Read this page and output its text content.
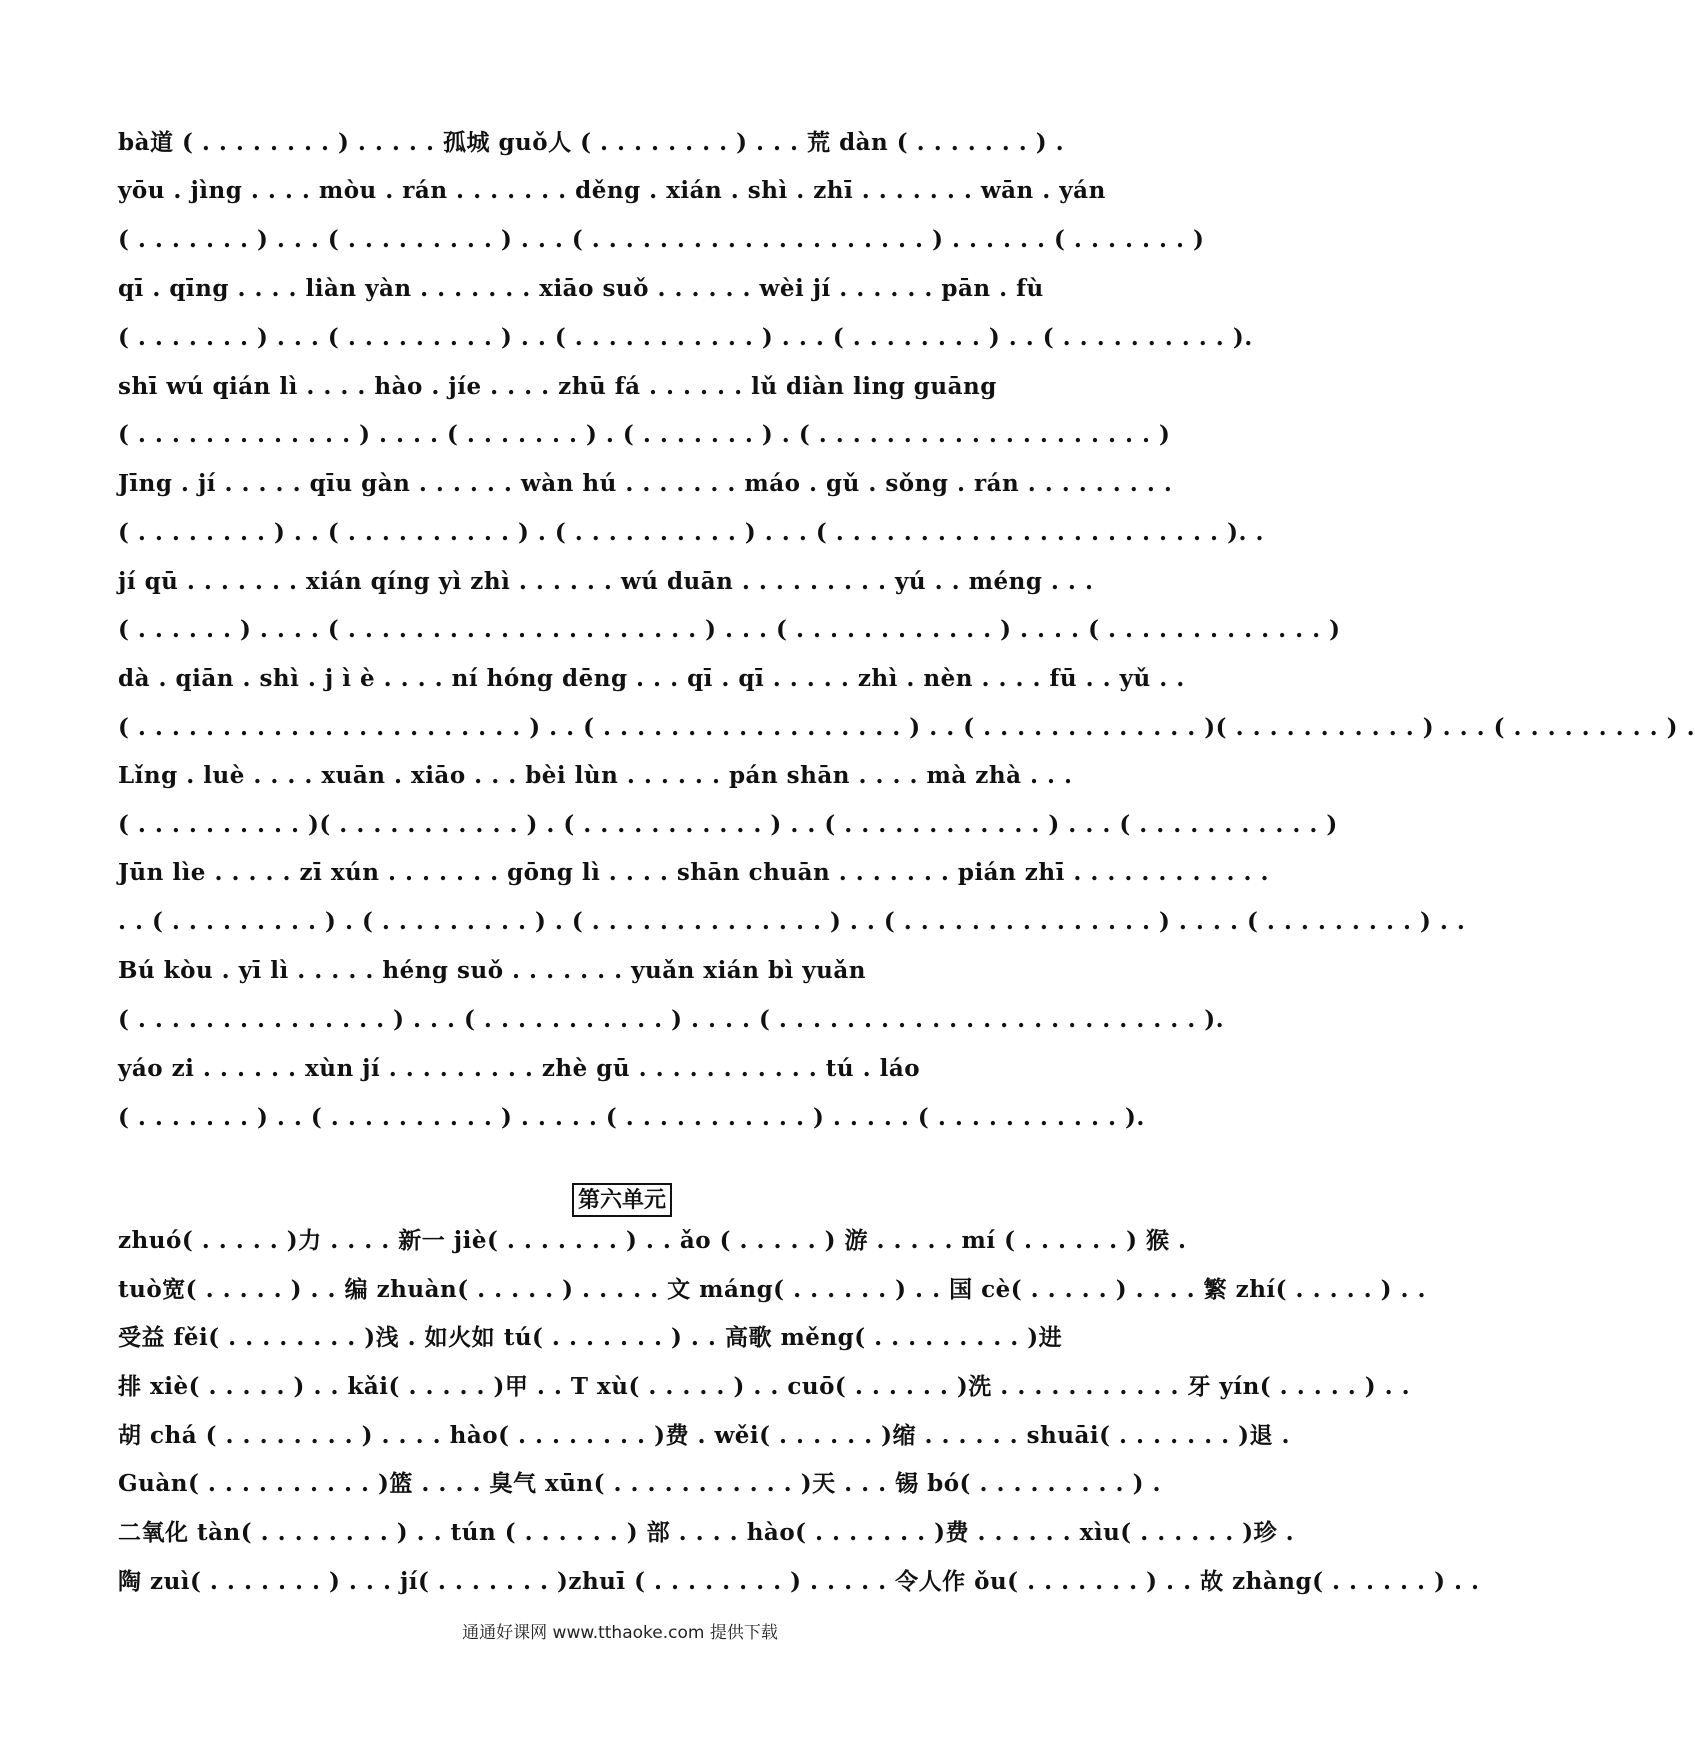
bà道 ( . . . . . . . . ) . . . . . 孤城 guǒ人 ( . . . . . . . . ) . . . 荒 dàn ( . . . . . . . ) .
yōu . jìng . . . . mòu . rán . . . . . . . děng . xián . shì . zhī . . . . . . . wān . yán
( . . . . . . . ) . . . ( . . . . . . . . . ) . . . ( . . . . . . . . . . . . . . . . . . . . ) . . . . . . ( . . . . . . . )
qī . qīng . . . . liàn yàn . . . . . . . xiāo suǒ . . . . . . wèi jí . . . . . . pān . fù
( . . . . . . . ) . . . ( . . . . . . . . . ) . . ( . . . . . . . . . . . ) . . . ( . . . . . . . . ) . . ( . . . . . . . . . . ).
shī wú qián lì . . . . hào . jíe . . . . zhū fá . . . . . . lǔ diàn ling guāng
( . . . . . . . . . . . . . ) . . . . ( . . . . . . . ) . ( . . . . . . . ) . ( . . . . . . . . . . . . . . . . . . . . )
Jīng . jí . . . . . qīu gàn . . . . . . wàn hú . . . . . . . máo . gǔ . sǒng . rán . . . . . . . . .
( . . . . . . . . ) . . ( . . . . . . . . . . ) . ( . . . . . . . . . . ) . . . ( . . . . . . . . . . . . . . . . . . . . . . . ). .
jí qū . . . . . . . xián qíng yì zhì . . . . . . wú duān . . . . . . . . . yú . . méng . . .
( . . . . . . ) . . . . ( . . . . . . . . . . . . . . . . . . . . . ) . . . ( . . . . . . . . . . . . ) . . . . ( . . . . . . . . . . . . . )
dà . qiān . shì . j ì è . . . . ní hóng dēng . . . qī . qī . . . . . zhì . nèn . . . . fū . . yǔ . .
( . . . . . . . . . . . . . . . . . . . . . . . ) . . ( . . . . . . . . . . . . . . . . . . ) . . ( . . . . . . . . . . . . . )( . . . . . . . . . . . ) . . . ( . . . . . . . . . ) .
Lǐng . luè . . . . xuān . xiāo . . . bèi lùn . . . . . . pán shān . . . . mà zhà . . .
( . . . . . . . . . . )( . . . . . . . . . . . ) . ( . . . . . . . . . . . ) . . ( . . . . . . . . . . . . ) . . . ( . . . . . . . . . . . )
Jūn lìe . . . . . zī xún . . . . . . . gōng lì . . . . shān chuān . . . . . . . pián zhī . . . . . . . . . . . .
. . ( . . . . . . . . . ) . ( . . . . . . . . . ) . ( . . . . . . . . . . . . . . ) . . ( . . . . . . . . . . . . . . . ) . . . . ( . . . . . . . . . ) . .
Bú kòu . yī lì . . . . . héng suǒ . . . . . . . yuǎn xián bì yuǎn
( . . . . . . . . . . . . . . . ) . . . ( . . . . . . . . . . . ) . . . . ( . . . . . . . . . . . . . . . . . . . . . . . . . ).
yáo zi . . . . . . xùn jí . . . . . . . . . zhè gū . . . . . . . . . . . tú . láo
( . . . . . . . ) . . ( . . . . . . . . . . ) . . . . . ( . . . . . . . . . . . ) . . . . . ( . . . . . . . . . . . ).
第六单元
zhuó( . . . . . )力 . . . . 新一 jiè( . . . . . . . ) . . ǎo ( . . . . . ) 游 . . . . . mí ( . . . . . . ) 猴 .
tuò宽( . . . . . ) . . 编 zhuàn( . . . . . ) . . . . . 文 máng( . . . . . . ) . . 国 cè( . . . . . ) . . . . 繁 zhí( . . . . . ) . .
受益 fěi( . . . . . . . . )浅 . 如火如 tú( . . . . . . . ) . . 高歌 měng( . . . . . . . . . )进
排 xiè( . . . . . ) . . kǎi( . . . . . )甲 . . T xù( . . . . . ) . . cuō( . . . . . . )洗 . . . . . . . . . . . 牙 yín( . . . . . ) . .
胡 chá ( . . . . . . . . ) . . . . hào( . . . . . . . . )费 . wěi( . . . . . . )缩 . . . . . . shuāi( . . . . . . . )退 .
Guàn( . . . . . . . . . . )篮 . . . . 臭气 xūn( . . . . . . . . . . . )天 . . . 锡 bó( . . . . . . . . . ) .
二氧化 tàn( . . . . . . . . ) . . tún ( . . . . . . ) 部 . . . . hào( . . . . . . . )费 . . . . . . xìu( . . . . . . )珍 .
陶 zuì( . . . . . . . ) . . . jí( . . . . . . . )zhuī ( . . . . . . . . ) . . . . . 令人作 ǒu( . . . . . . . ) . . 故 zhàng( . . . . . . ) . .
通通好课网 www.tthaoke.com 提供下载
